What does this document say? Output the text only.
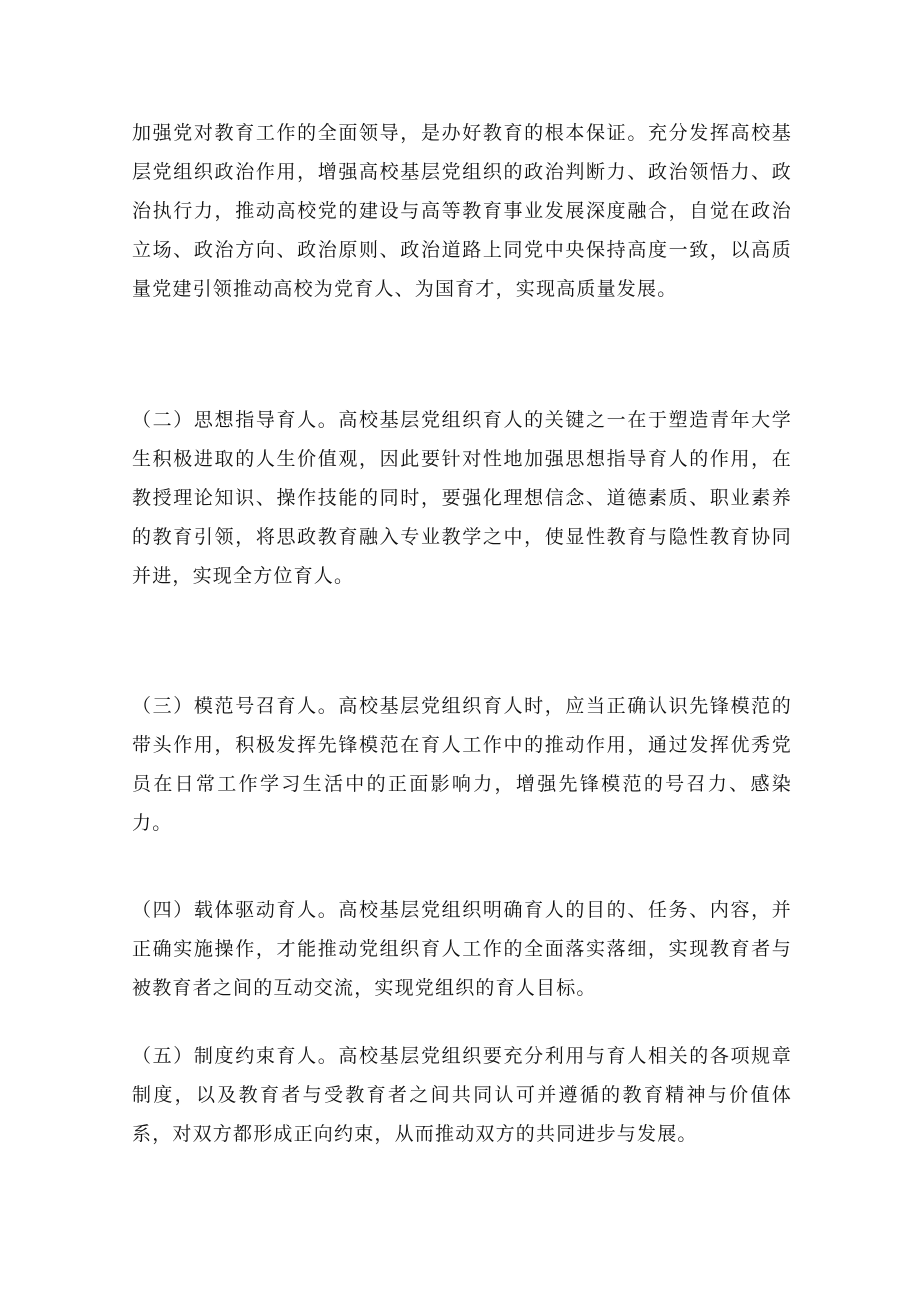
加强党对教育工作的全面领导，是办好教育的根本保证。充分发挥高校基层党组织政治作用，增强高校基层党组织的政治判断力、政治领悟力、政治执行力，推动高校党的建设与高等教育事业发展深度融合，自觉在政治立场、政治方向、政治原则、政治道路上同党中央保持高度一致，以高质量党建引领推动高校为党育人、为国育才，实现高质量发展。

（二）思想指导育人。高校基层党组织育人的关键之一在于塑造青年大学生积极进取的人生价值观，因此要针对性地加强思想指导育人的作用，在教授理论知识、操作技能的同时，要强化理想信念、道德素质、职业素养的教育引领，将思政教育融入专业教学之中，使显性教育与隐性教育协同并进，实现全方位育人。

（三）模范号召育人。高校基层党组织育人时，应当正确认识先锋模范的带头作用，积极发挥先锋模范在育人工作中的推动作用，通过发挥优秀党员在日常工作学习生活中的正面影响力，增强先锋模范的号召力、感染力。

（四）载体驱动育人。高校基层党组织明确育人的目的、任务、内容，并正确实施操作，才能推动党组织育人工作的全面落实落细，实现教育者与被教育者之间的互动交流，实现党组织的育人目标。

（五）制度约束育人。高校基层党组织要充分利用与育人相关的各项规章制度，以及教育者与受教育者之间共同认可并遵循的教育精神与价值体系，对双方都形成正向约束，从而推动双方的共同进步与发展。
